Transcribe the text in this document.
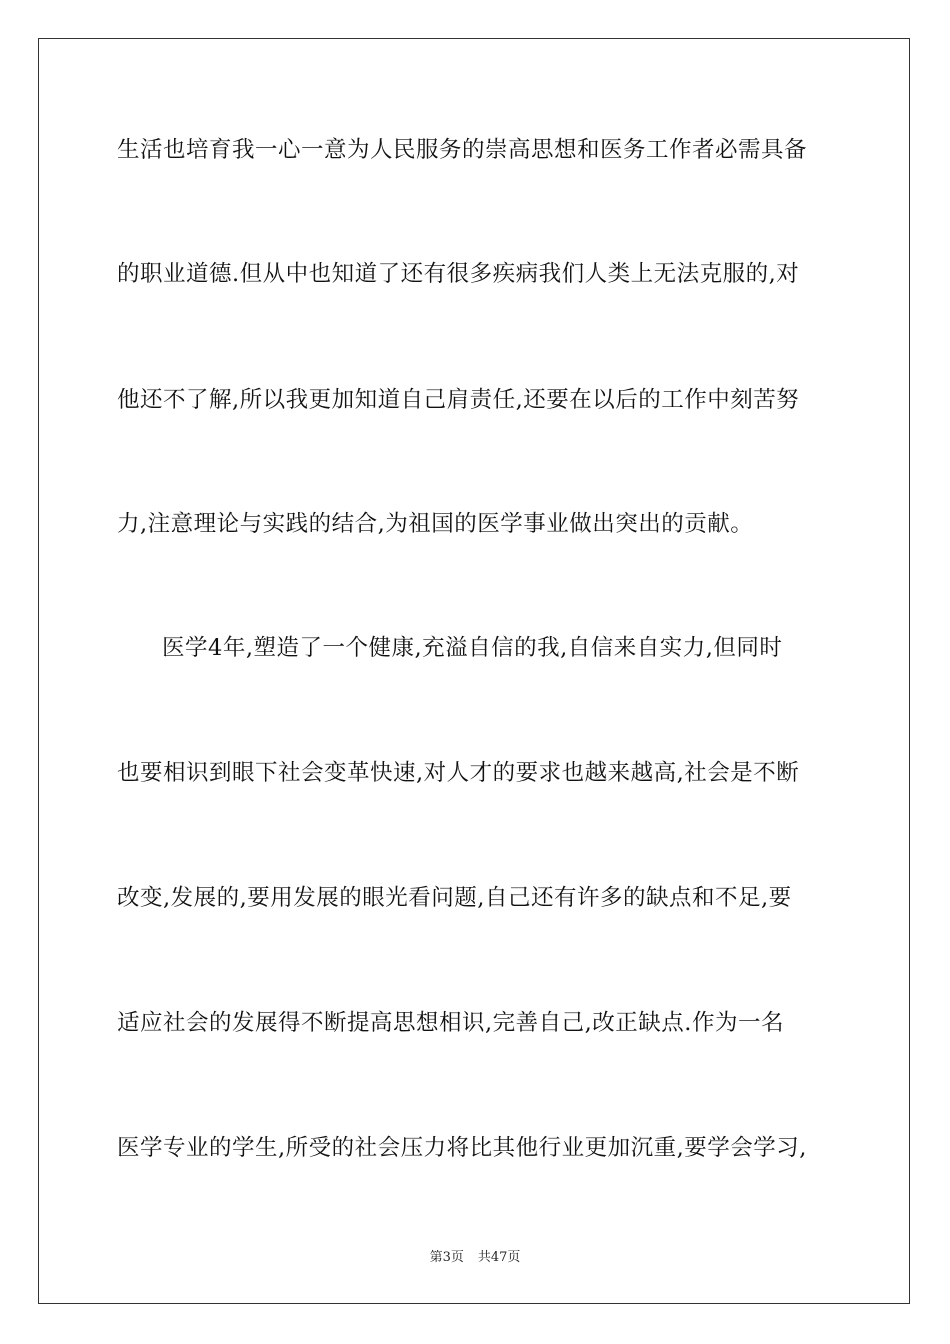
生活也培育我一心一意为人民服务的崇高思想和医务工作者必需具备
的职业道德.但从中也知道了还有很多疾病我们人类上无法克服的,对
他还不了解,所以我更加知道自己肩责任,还要在以后的工作中刻苦努
力,注意理论与实践的结合,为祖国的医学事业做出突出的贡献。
医学4年,塑造了一个健康,充溢自信的我,自信来自实力,但同时
也要相识到眼下社会变革快速,对人才的要求也越来越高,社会是不断
改变,发展的,要用发展的眼光看问题,自己还有许多的缺点和不足,要
适应社会的发展得不断提高思想相识,完善自己,改正缺点.作为一名
医学专业的学生,所受的社会压力将比其他行业更加沉重,要学会学习,
第3页 共47页
